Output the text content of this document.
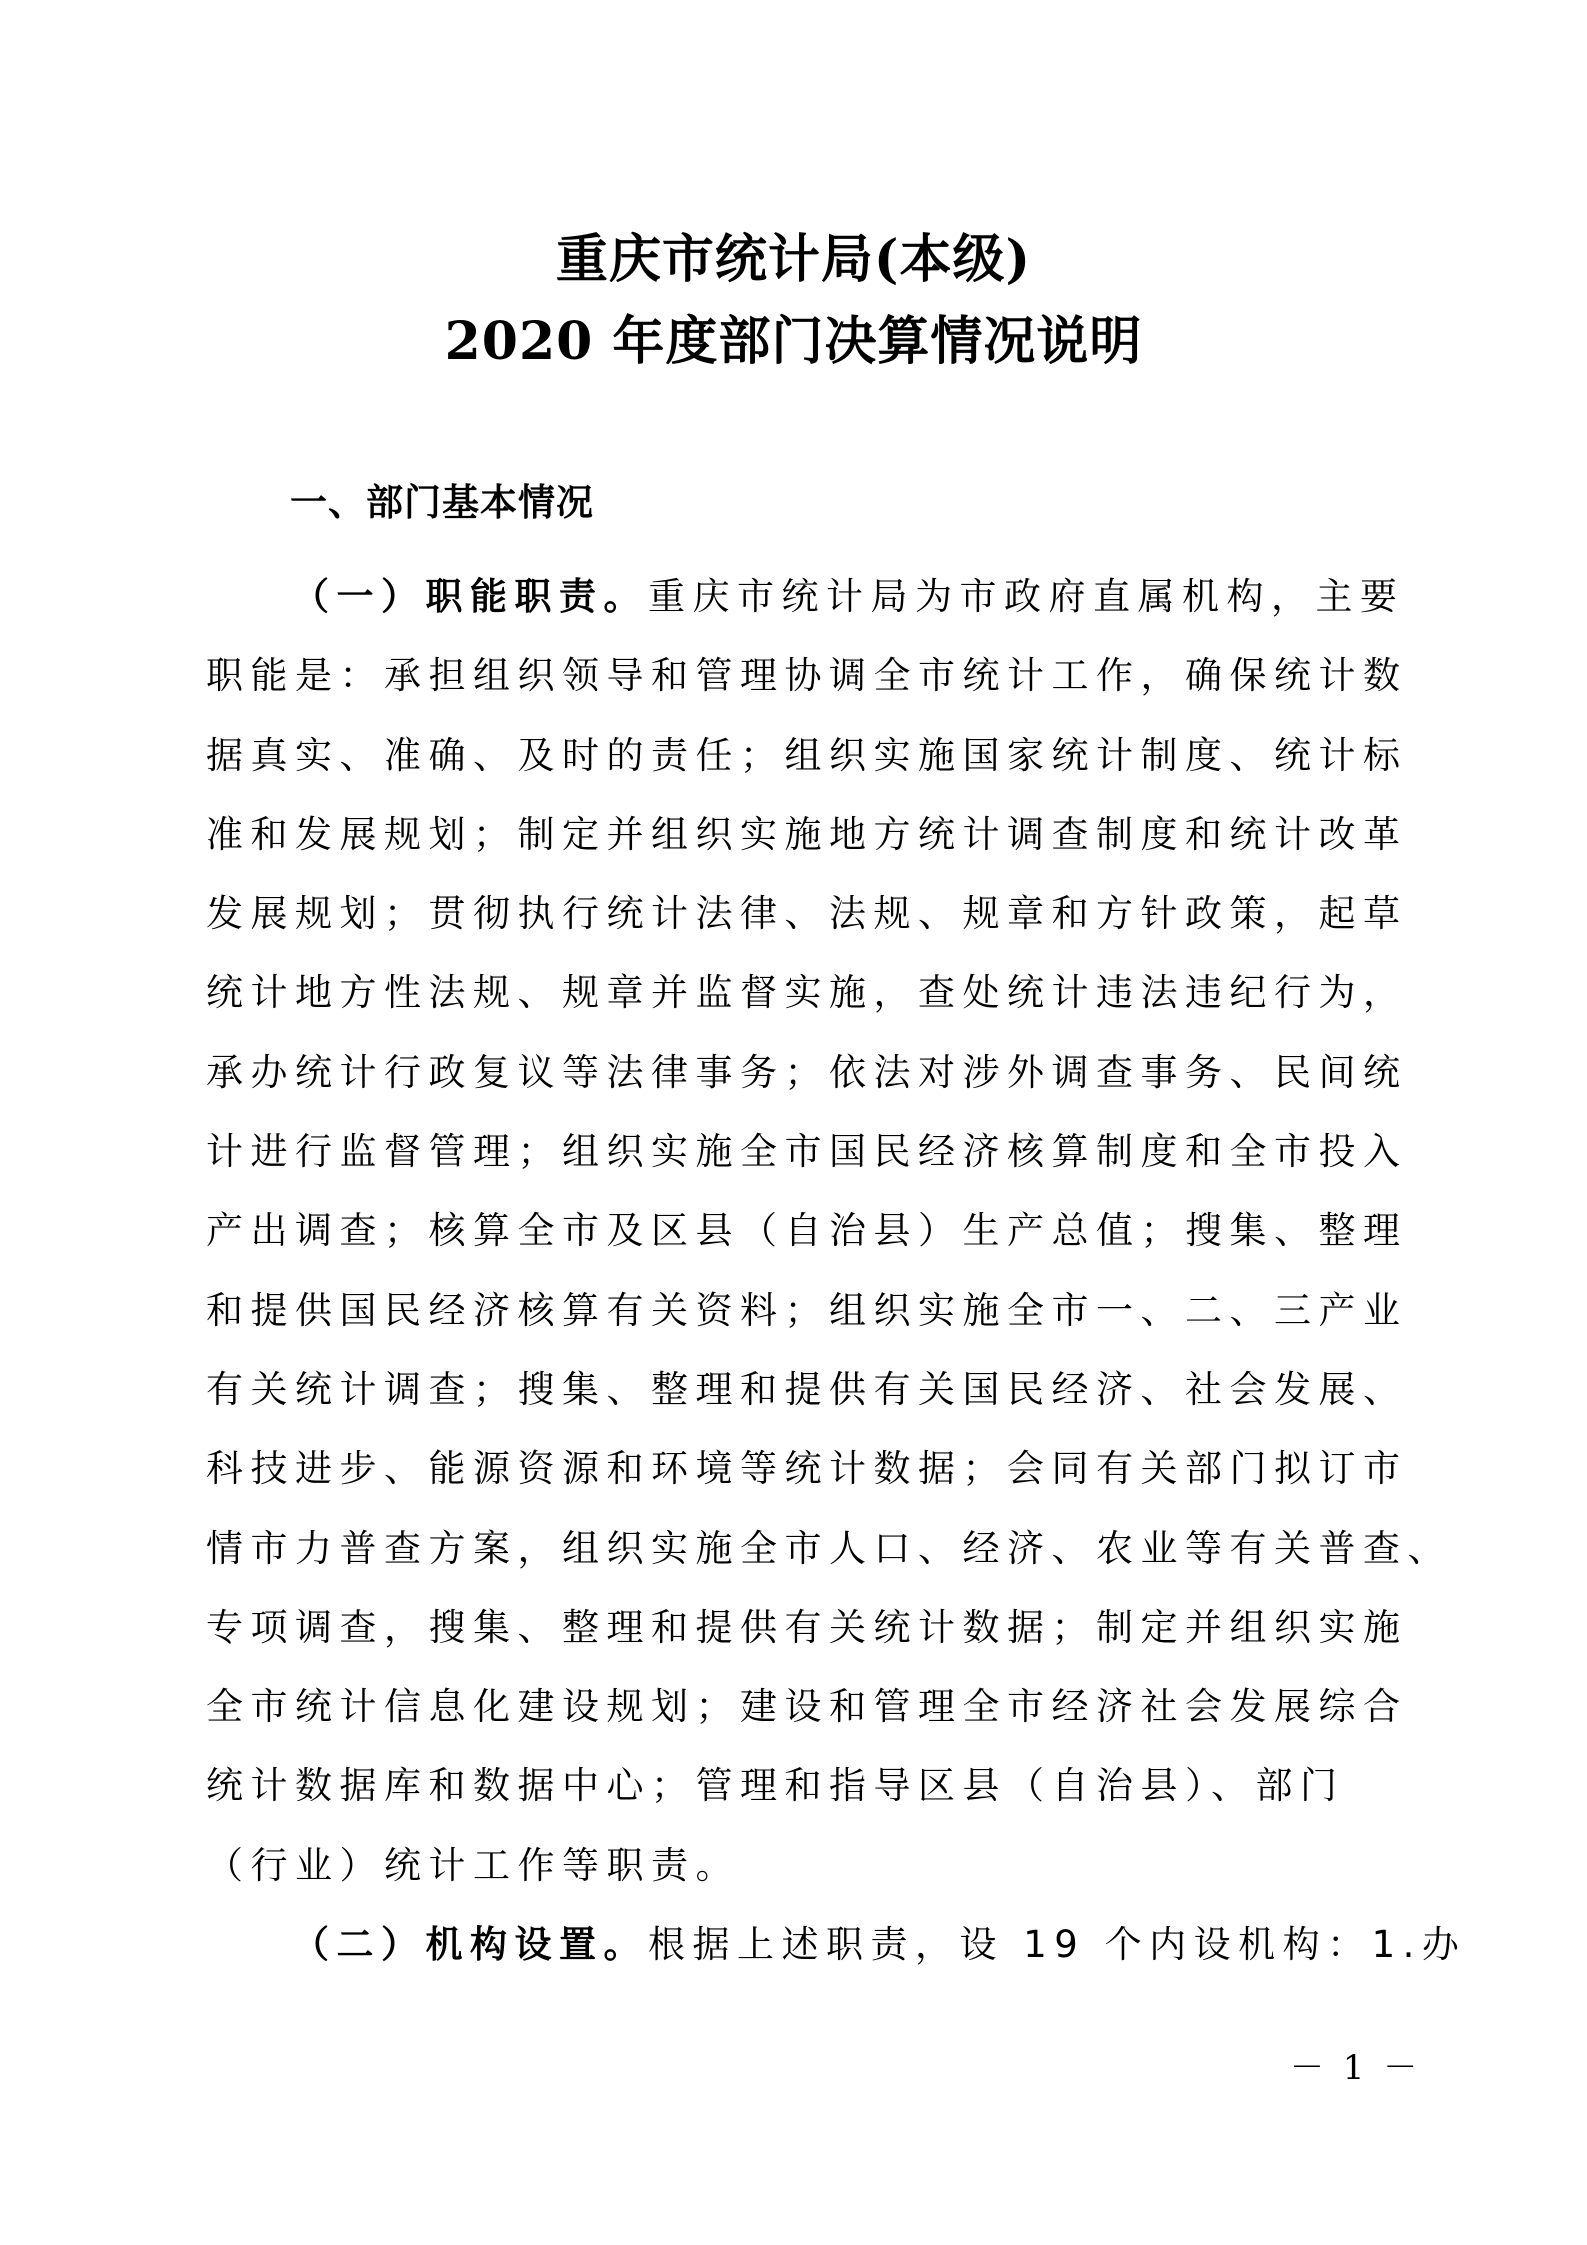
重庆市统计局(本级)
2020 年度部门决算情况说明
一、部门基本情况
（一）职能职责。重庆市统计局为市政府直属机构，主要
职能是：承担组织领导和管理协调全市统计工作，确保统计数
据真实、准确、及时的责任；组织实施国家统计制度、统计标
准和发展规划；制定并组织实施地方统计调查制度和统计改革
发展规划；贯彻执行统计法律、法规、规章和方针政策，起草
统计地方性法规、规章并监督实施，查处统计违法违纪行为，
承办统计行政复议等法律事务；依法对涉外调查事务、民间统
计进行监督管理；组织实施全市国民经济核算制度和全市投入
产出调查；核算全市及区县（自治县）生产总值；搜集、整理
和提供国民经济核算有关资料；组织实施全市一、二、三产业
有关统计调查；搜集、整理和提供有关国民经济、社会发展、
科技进步、能源资源和环境等统计数据；会同有关部门拟订市
情市力普查方案，组织实施全市人口、经济、农业等有关普查、
专项调查，搜集、整理和提供有关统计数据；制定并组织实施
全市统计信息化建设规划；建设和管理全市经济社会发展综合
统计数据库和数据中心；管理和指导区县（自治县）、部门
（行业）统计工作等职责。
（二）机构设置。根据上述职责，设 19 个内设机构：1.办
－ 1 －
